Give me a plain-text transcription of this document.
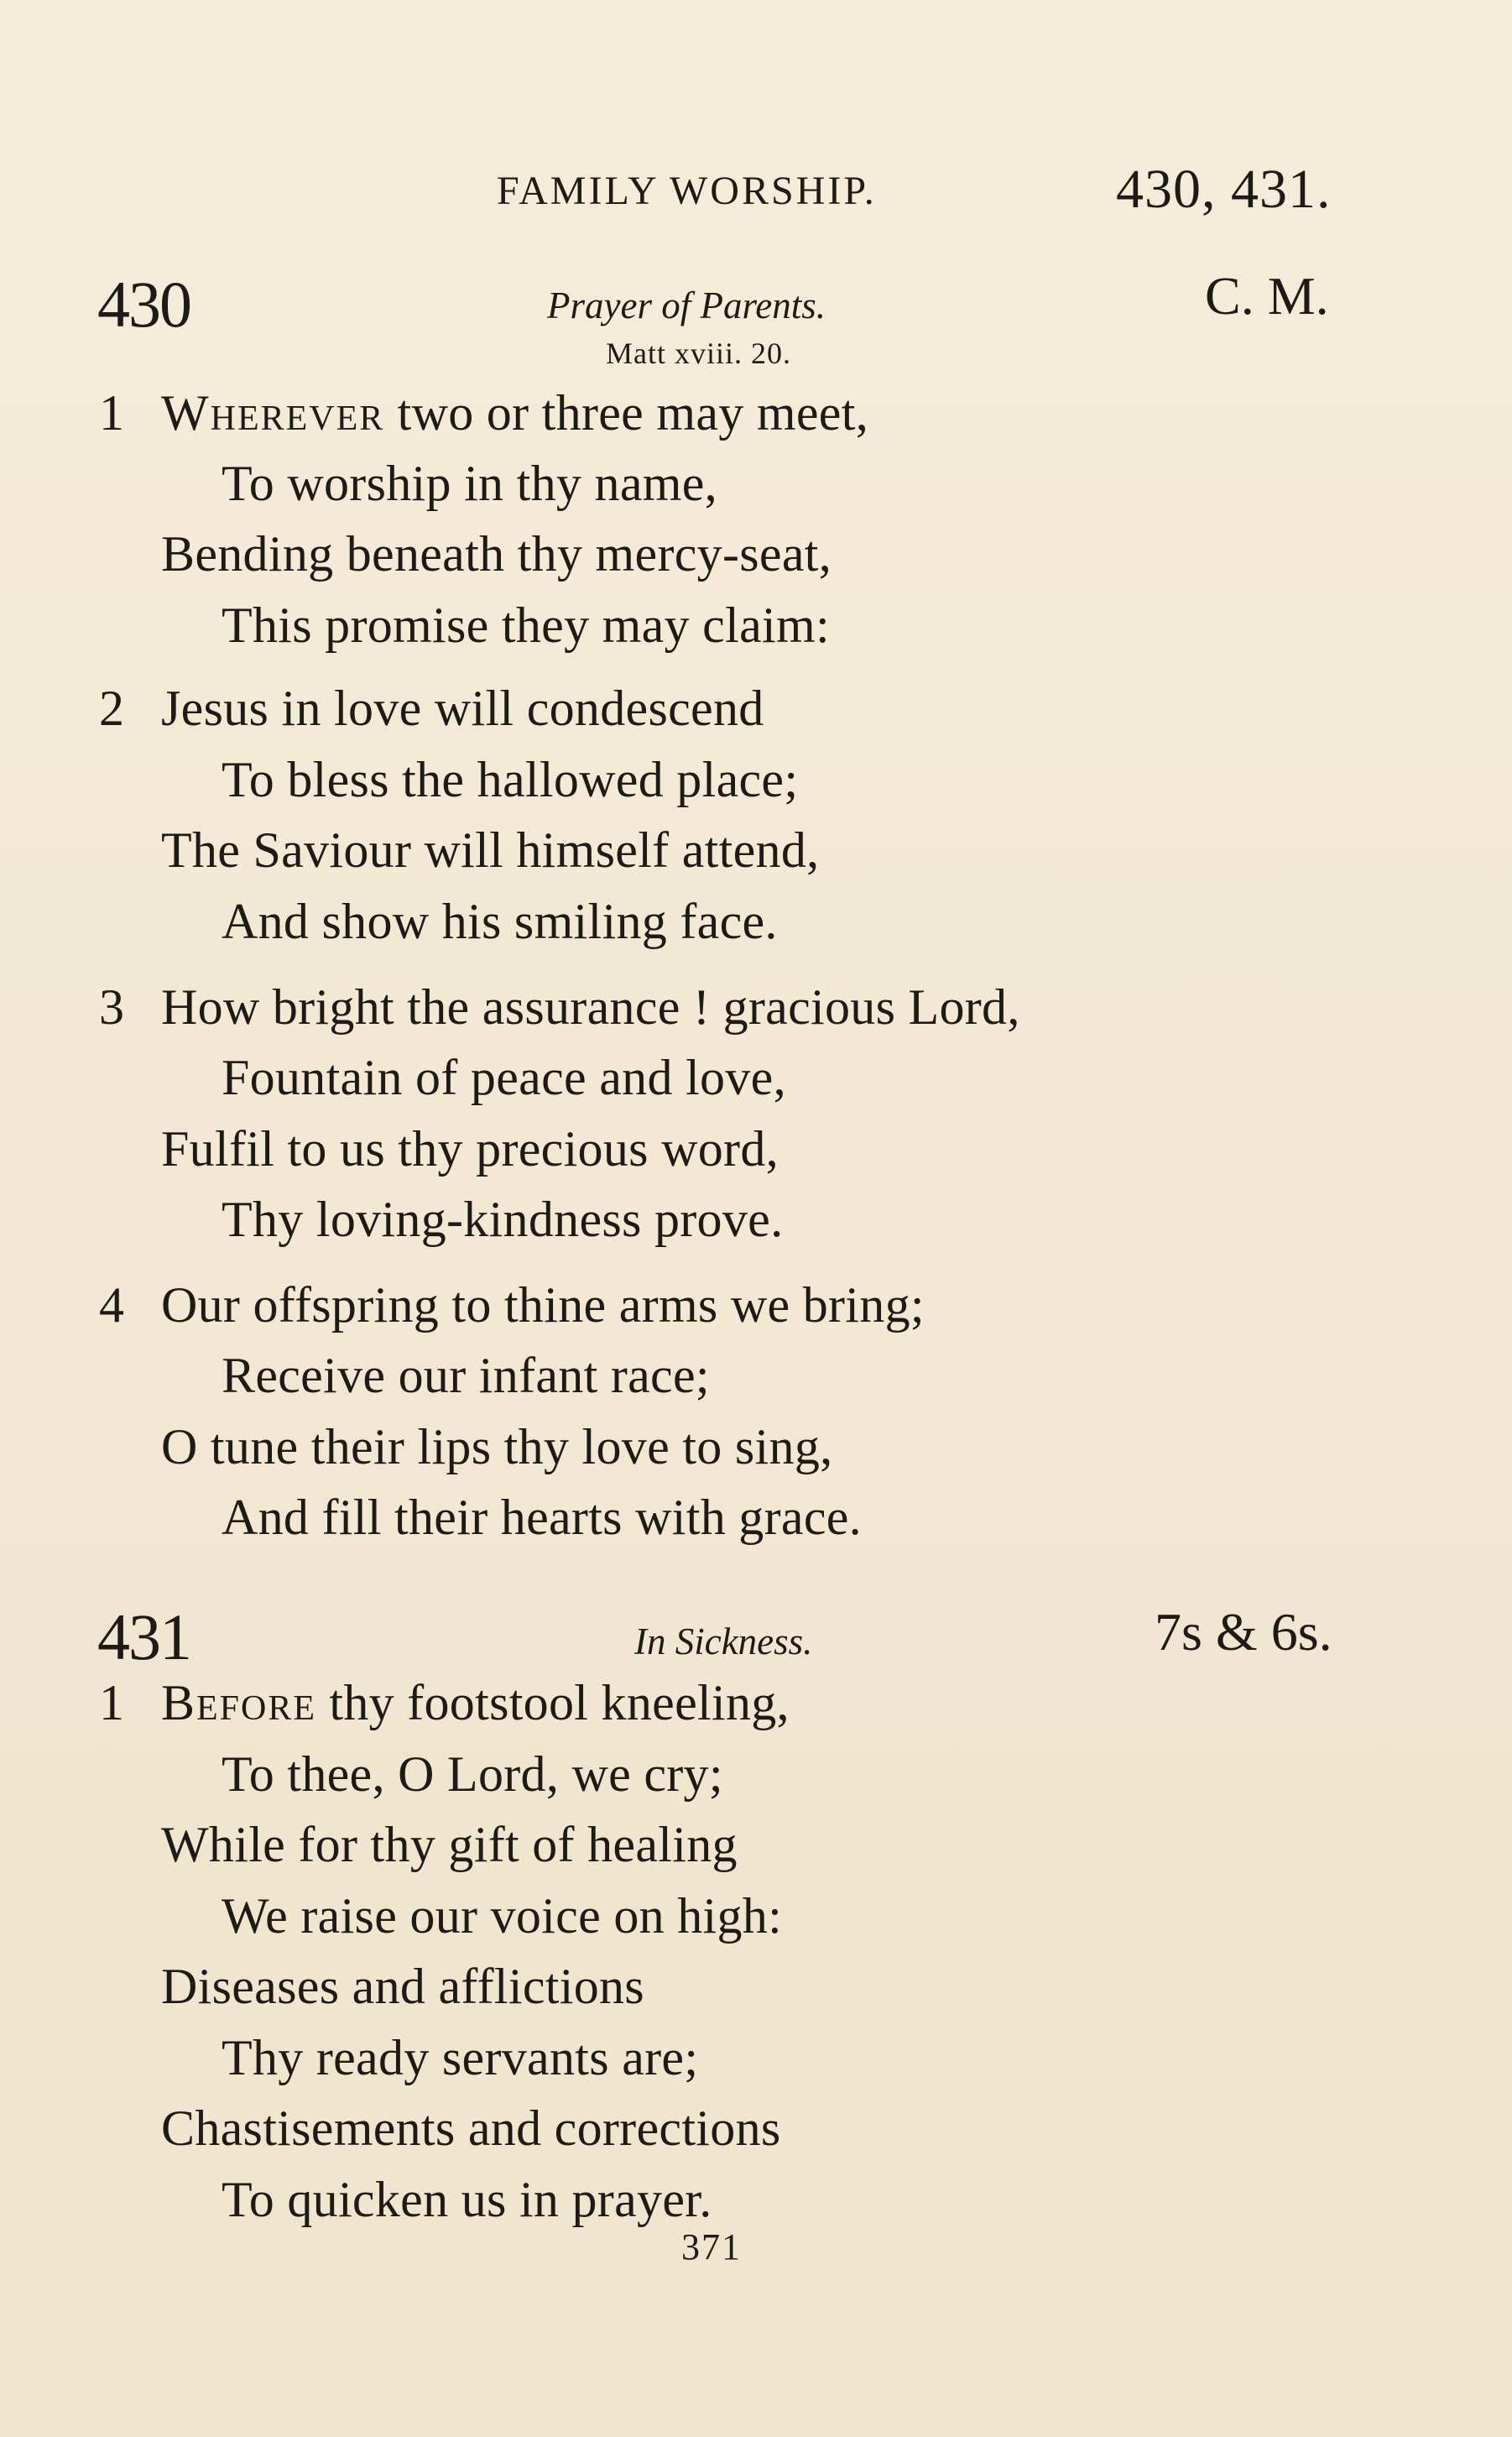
FAMILY WORSHIP.	430, 431.
430	Prayer of Parents.	C. M.
Matt xviii. 20.
1 Wherever two or three may meet,
To worship in thy name,
Bending beneath thy mercy-seat,
This promise they may claim:
2 Jesus in love will condescend
To bless the hallowed place;
The Saviour will himself attend,
And show his smiling face.
3 How bright the assurance ! gracious Lord,
Fountain of peace and love,
Fulfil to us thy precious word,
Thy loving-kindness prove.
4 Our offspring to thine arms we bring;
Receive our infant race;
O tune their lips thy love to sing,
And fill their hearts with grace.
431	In Sickness.	7s & 6s.
1 Before thy footstool kneeling,
To thee, O Lord, we cry;
While for thy gift of healing
We raise our voice on high:
Diseases and afflictions
Thy ready servants are;
Chastisements and corrections
To quicken us in prayer.
371
